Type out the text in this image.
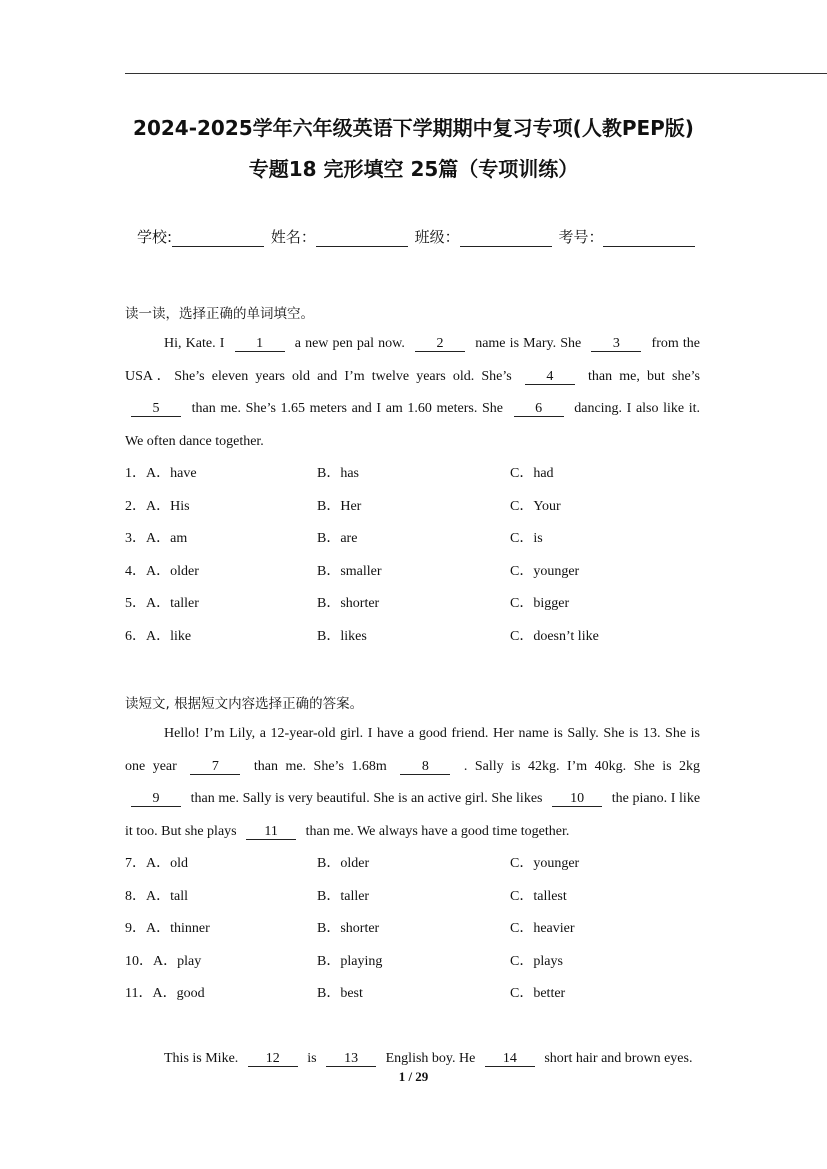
2024-2025学年六年级英语下学期期中复习专项(人教PEP版)
专题18 完形填空 25篇（专项训练）
学校:	姓名：	班级：	考号：
读一读，选择正确的单词填空。
Hi, Kate. I 1 a new pen pal now. 2 name is Mary. She 3 from the USA．She’s eleven years old and I’m twelve years old. She’s 4 than me, but she’s 5 than me. She’s 1.65 meters and I am 1.60 meters. She 6 dancing. I also like it. We often dance together.
1．A．have	B．has	C．had
2．A．His	B．Her	C．Your
3．A．am	B．are	C．is
4．A．older	B．smaller	C．younger
5．A．taller	B．shorter	C．bigger
6．A．like	B．likes	C．doesn’t like
读短文, 根据短文内容选择正确的答案。
Hello! I’m Lily, a 12-year-old girl. I have a good friend. Her name is Sally. She is 13. She is one year	7	than me. She’s 1.68m	8	. Sally is 42kg. I’m 40kg. She is 2kg 9 than me. Sally is very beautiful. She is an active girl. She likes 10 the piano. I like it too. But she plays 11 than me. We always have a good time together.
7．A．old	B．older	C．younger
8．A．tall	B．taller	C．tallest
9．A．thinner	B．shorter	C．heavier
10．A．play	B．playing	C．plays
11．A．good	B．best	C．better
This is Mike. 12 is 13 English boy. He 14 short hair and brown eyes.
1 / 29
